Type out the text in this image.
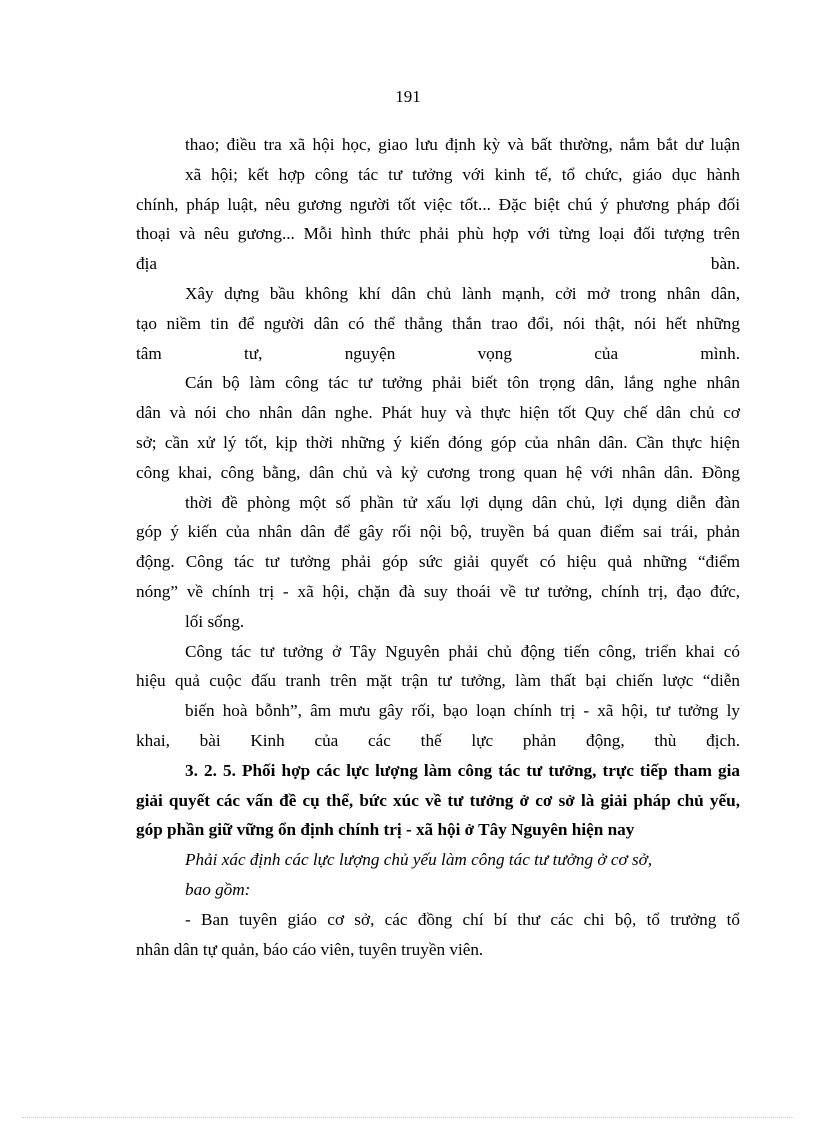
191
thao; điều tra xã hội học, giao lưu định kỳ và bất thường, nắm bắt dư luận
xã hội; kết hợp công tác tư tưởng với kinh tế, tổ chức, giáo dục hành
chính, pháp luật, nêu gương người tốt việc tốt... Đặc biệt chú ý phương pháp đối
thoại và nêu gương... Mỗi hình thức phải phù hợp với từng loại đối tượng trên
địa bàn.
Xây dựng bầu không khí dân chủ lành mạnh, cởi mở trong nhân dân,
tạo niềm tin để người dân có thể thẳng thắn trao đổi, nói thật, nói hết những
tâm tư, nguyện vọng của mình.
Cán bộ làm công tác tư tưởng phải biết tôn trọng dân, lắng nghe nhân
dân và nói cho nhân dân nghe. Phát huy và thực hiện tốt Quy chế dân chủ cơ
sở; cần xử lý tốt, kịp thời những ý kiến đóng góp của nhân dân. Cần thực hiện
công khai, công bằng, dân chủ và kỷ cương trong quan hệ với nhân dân. Đồng
thời đề phòng một số phần tử xấu lợi dụng dân chủ, lợi dụng diễn đàn
góp ý kiến của nhân dân để gây rối nội bộ, truyền bá quan điểm sai trái, phản
động. Công tác tư tưởng phải góp sức giải quyết có hiệu quả những “điểm
nóng” về chính trị - xã hội, chặn đà suy thoái về tư tưởng, chính trị, đạo đức,
lối sống.
Công tác tư tưởng ở Tây Nguyên phải chủ động tiến công, triển khai có
hiệu quả cuộc đấu tranh trên mặt trận tư tưởng, làm thất bại chiến lược “diễn
biến hoà bỗnh”, âm mưu gây rối, bạo loạn chính trị - xã hội, tư tưởng ly
khai, bài Kinh của các thế lực phản động, thù địch.
3. 2. 5. Phối hợp các lực lượng làm công tác tư tưởng, trực tiếp tham gia
giải quyết các vấn đề cụ thể, bức xúc về tư tưởng ở cơ sở là giải pháp chủ yếu,
góp phần giữ vững ổn định chính trị - xã hội ở Tây Nguyên hiện nay
Phải xác định các lực lượng chủ yếu làm công tác tư tưởng ở cơ sở,
bao gồm:
- Ban tuyên giáo cơ sở, các đồng chí bí thư các chi bộ, tổ trưởng tổ
nhân dân tự quản, báo cáo viên, tuyên truyền viên.
